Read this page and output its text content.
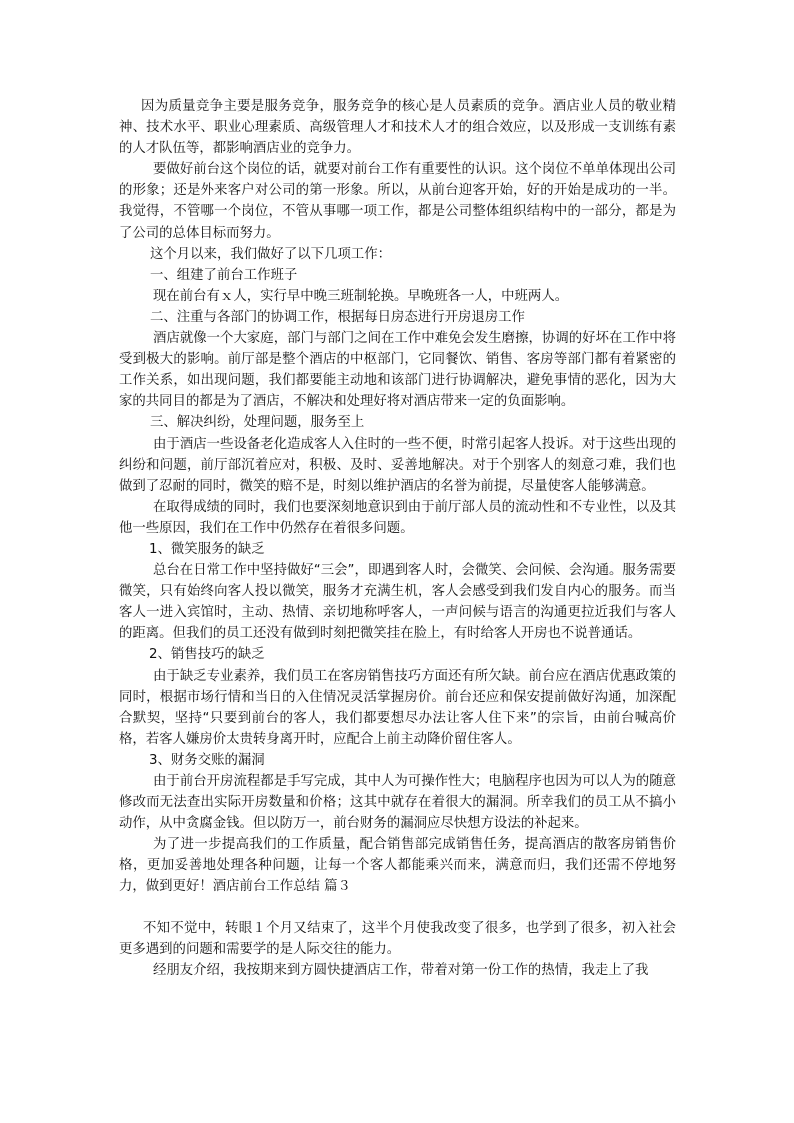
因为质量竞争主要是服务竞争，服务竞争的核心是人员素质的竞争。酒店业人员的敬业精神、技术水平、职业心理素质、高级管理人才和技术人才的组合效应，以及形成一支训练有素的人才队伍等，都影响酒店业的竞争力。

要做好前台这个岗位的话，就要对前台工作有重要性的认识。这个岗位不单单体现出公司的形象；还是外来客户对公司的第一形象。所以，从前台迎客开始，好的开始是成功的一半。我觉得，不管哪一个岗位，不管从事哪一项工作，都是公司整体组织结构中的一部分，都是为了公司的总体目标而努力。

这个月以来，我们做好了以下几项工作：

一、组建了前台工作班子

现在前台有ｘ人，实行早中晚三班制轮换。早晚班各一人，中班两人。

二、注重与各部门的协调工作，根据每日房态进行开房退房工作

酒店就像一个大家庭，部门与部门之间在工作中难免会发生磨擦，协调的好坏在工作中将受到极大的影响。前厅部是整个酒店的中枢部门，它同餐饮、销售、客房等部门都有着紧密的工作关系，如出现问题，我们都要能主动地和该部门进行协调解决，避免事情的恶化，因为大家的共同目的都是为了酒店，不解决和处理好将对酒店带来一定的负面影响。

三、解决纠纷，处理问题，服务至上

由于酒店一些设备老化造成客人入住时的一些不便，时常引起客人投诉。对于这些出现的纠纷和问题，前厅部沉着应对，积极、及时、妥善地解决。对于个别客人的刻意刁难，我们也做到了忍耐的同时，微笑的赔不是，时刻以维护酒店的名誉为前提，尽量使客人能够满意。

在取得成绩的同时，我们也要深刻地意识到由于前厅部人员的流动性和不专业性，以及其他一些原因，我们在工作中仍然存在着很多问题。

1、微笑服务的缺乏

总台在日常工作中坚持做好“三会”，即遇到客人时，会微笑、会问候、会沟通。服务需要微笑，只有始终向客人投以微笑，服务才充满生机，客人会感受到我们发自内心的服务。而当客人一进入宾馆时，主动、热情、亲切地称呼客人，一声问候与语言的沟通更拉近我们与客人的距离。但我们的员工还没有做到时刻把微笑挂在脸上，有时给客人开房也不说普通话。

2、销售技巧的缺乏

由于缺乏专业素养，我们员工在客房销售技巧方面还有所欠缺。前台应在酒店优惠政策的同时，根据市场行情和当日的入住情况灵活掌握房价。前台还应和保安提前做好沟通，加深配合默契，坚持“只要到前台的客人，我们都要想尽办法让客人住下来”的宗旨，由前台喊高价格，若客人嫌房价太贵转身离开时，应配合上前主动降价留住客人。

3、财务交账的漏洞

由于前台开房流程都是手写完成，其中人为可操作性大；电脑程序也因为可以人为的随意修改而无法查出实际开房数量和价格；这其中就存在着很大的漏洞。所幸我们的员工从不搞小动作，从中贪腐金钱。但以防万一，前台财务的漏洞应尽快想方设法的补起来。

为了进一步提高我们的工作质量，配合销售部完成销售任务，提高酒店的散客房销售价格，更加妥善地处理各种问题，让每一个客人都能乘兴而来，满意而归，我们还需不停地努力，做到更好！酒店前台工作总结 篇３

不知不觉中，转眼１个月又结束了，这半个月使我改变了很多，也学到了很多，初入社会更多遇到的问题和需要学的是人际交往的能力。

经朋友介绍，我按期来到方圆快捷酒店工作，带着对第一份工作的热情，我走上了我
